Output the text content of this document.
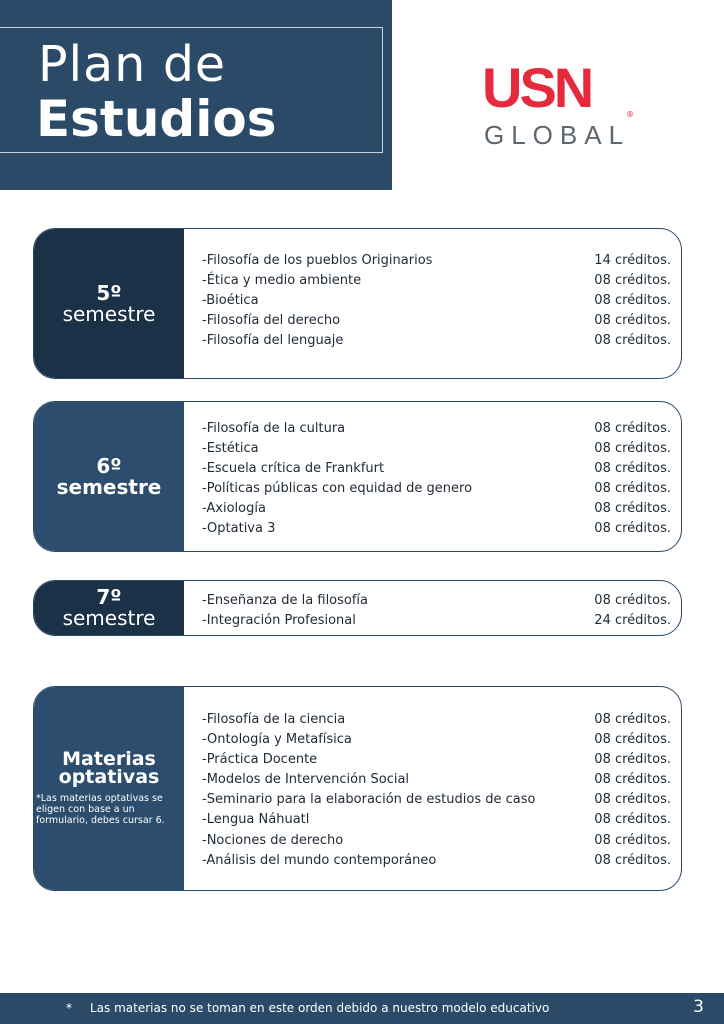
Plan de
Estudios	USN	®
GLOBAL
5º
semestre
-Filosofía de los pueblos Originarios	14 créditos.
-Ética y medio ambiente	08 créditos.
-Bioética	08 créditos.
-Filosofía del derecho	08 créditos.
-Filosofía del lenguaje	08 créditos.
6º
semestre
-Filosofía de la cultura	08 créditos.
-Estética	08 créditos.
-Escuela crítica de Frankfurt	08 créditos.
-Políticas públicas con equidad de genero	08 créditos.
-Axiología	08 créditos.
-Optativa 3	08 créditos.
7º
semestre
-Enseñanza de la filosofía	08 créditos.
-Integración Profesional	24 créditos.
Materias
optativas
*Las materias optativas se eligen con base a un formulario, debes cursar 6.
-Filosofía de la ciencia	08 créditos.
-Ontología y Metafísica	08 créditos.
-Práctica Docente	08 créditos.
-Modelos de Intervención Social	08 créditos.
-Seminario para la elaboración de estudios de caso	08 créditos.
-Lengua Náhuatl	08 créditos.
-Nociones de derecho	08 créditos.
-Análisis del mundo contemporáneo	08 créditos.
* Las materias no se toman en este orden debido a nuestro modelo educativo	3
